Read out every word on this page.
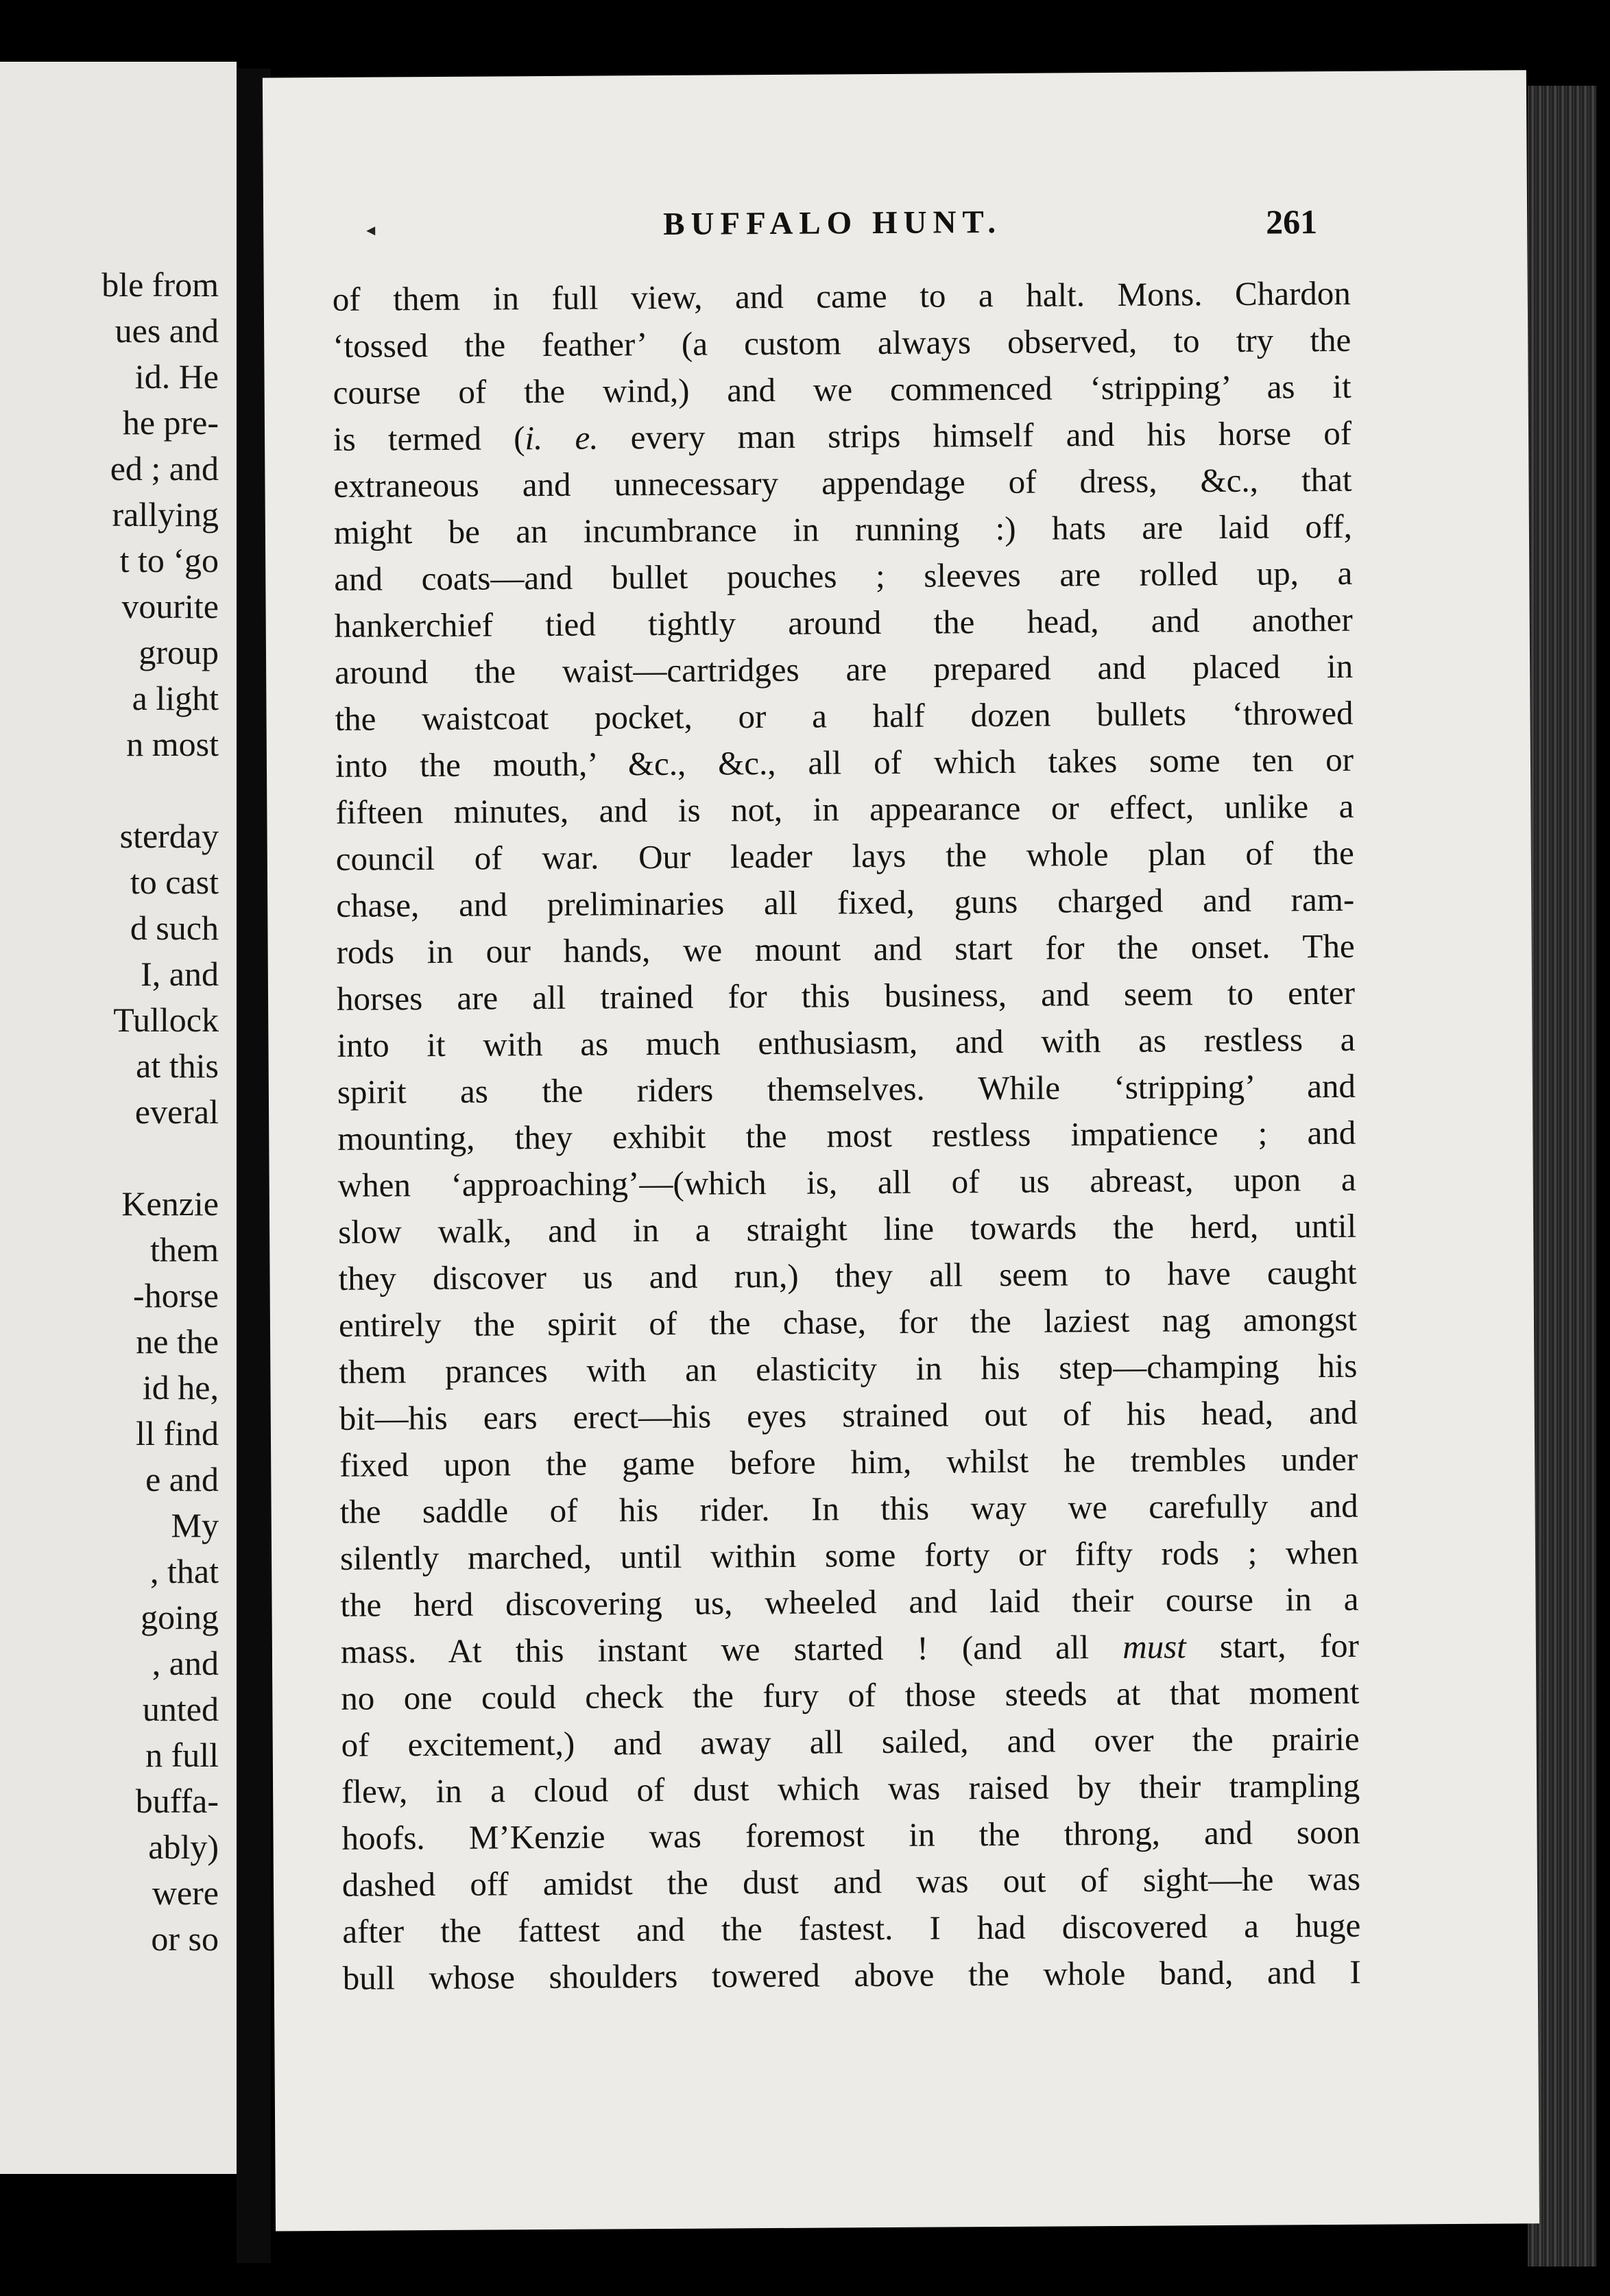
ble from
ues and
id. He
he pre-
ed ; and
rallying
t to ‘go
vourite
group
a light
n most
sterday
to cast
d such
I, and
Tullock
at this
everal
Kenzie
them
-horse
ne the
id he,
ll find
e and
My
, that
going
, and
unted
n full
buffa-
ably)
were
or so
◂	BUFFALO HUNT.	261
of them in full view, and came to a halt. Mons. Chardon
‘tossed the feather’ (a custom always observed, to try the
course of the wind,) and we commenced ‘stripping’ as it
is termed (i. e. every man strips himself and his horse of
extraneous and unnecessary appendage of dress, &c., that
might be an incumbrance in running :) hats are laid off,
and coats—and bullet pouches ; sleeves are rolled up, a
hankerchief tied tightly around the head, and another
around the waist—cartridges are prepared and placed in
the waistcoat pocket, or a half dozen bullets ‘throwed
into the mouth,’ &c., &c., all of which takes some ten or
fifteen minutes, and is not, in appearance or effect, unlike a
council of war. Our leader lays the whole plan of the
chase, and preliminaries all fixed, guns charged and ram-
rods in our hands, we mount and start for the onset. The
horses are all trained for this business, and seem to enter
into it with as much enthusiasm, and with as restless a
spirit as the riders themselves. While ‘stripping’ and
mounting, they exhibit the most restless impatience ; and
when ‘approaching’—(which is, all of us abreast, upon a
slow walk, and in a straight line towards the herd, until
they discover us and run,) they all seem to have caught
entirely the spirit of the chase, for the laziest nag amongst
them prances with an elasticity in his step—champing his
bit—his ears erect—his eyes strained out of his head, and
fixed upon the game before him, whilst he trembles under
the saddle of his rider. In this way we carefully and
silently marched, until within some forty or fifty rods ; when
the herd discovering us, wheeled and laid their course in a
mass. At this instant we started ! (and all must start, for
no one could check the fury of those steeds at that moment
of excitement,) and away all sailed, and over the prairie
flew, in a cloud of dust which was raised by their trampling
hoofs. M’Kenzie was foremost in the throng, and soon
dashed off amidst the dust and was out of sight—he was
after the fattest and the fastest. I had discovered a huge
bull whose shoulders towered above the whole band, and I
